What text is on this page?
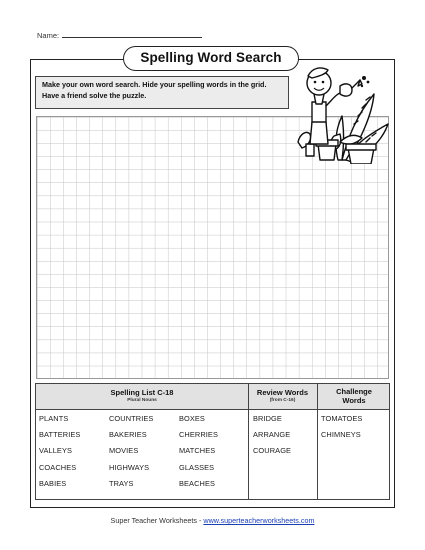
Name:
Spelling Word Search
Make your own word search. Hide your spelling words in the grid. Have a friend solve the puzzle.
Spelling List C-18
Plural Nouns
Review Words
(from C-16)
Challenge
Words
PLANTS
BATTERIES
VALLEYS
COACHES
BABIES
COUNTRIES
BAKERIES
MOVIES
HIGHWAYS
TRAYS
BOXES
CHERRIES
MATCHES
GLASSES
BEACHES
BRIDGE
ARRANGE
COURAGE
TOMATOES
CHIMNEYS
Super Teacher Worksheets - www.superteacherworksheets.com
